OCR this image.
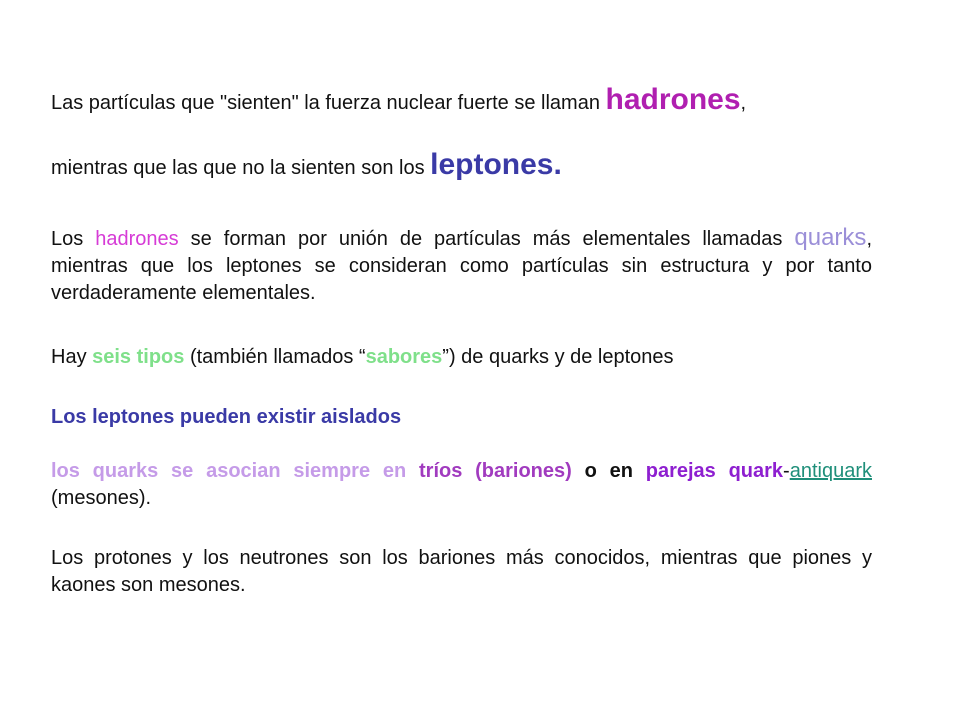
Las partículas que "sienten" la fuerza nuclear fuerte se llaman hadrones,

mientras que las que no la sienten son los leptones.

Los hadrones se forman por unión de partículas más elementales llamadas quarks, mientras que los leptones se consideran como partículas sin estructura y por tanto verdaderamente elementales.

Hay seis tipos (también llamados “sabores”) de quarks y de leptones

Los leptones pueden existir aislados

los quarks se asocian siempre en tríos (bariones) o en parejas quark-antiquark (mesones).

Los protones y los neutrones son los bariones más conocidos, mientras que piones y kaones son mesones.
